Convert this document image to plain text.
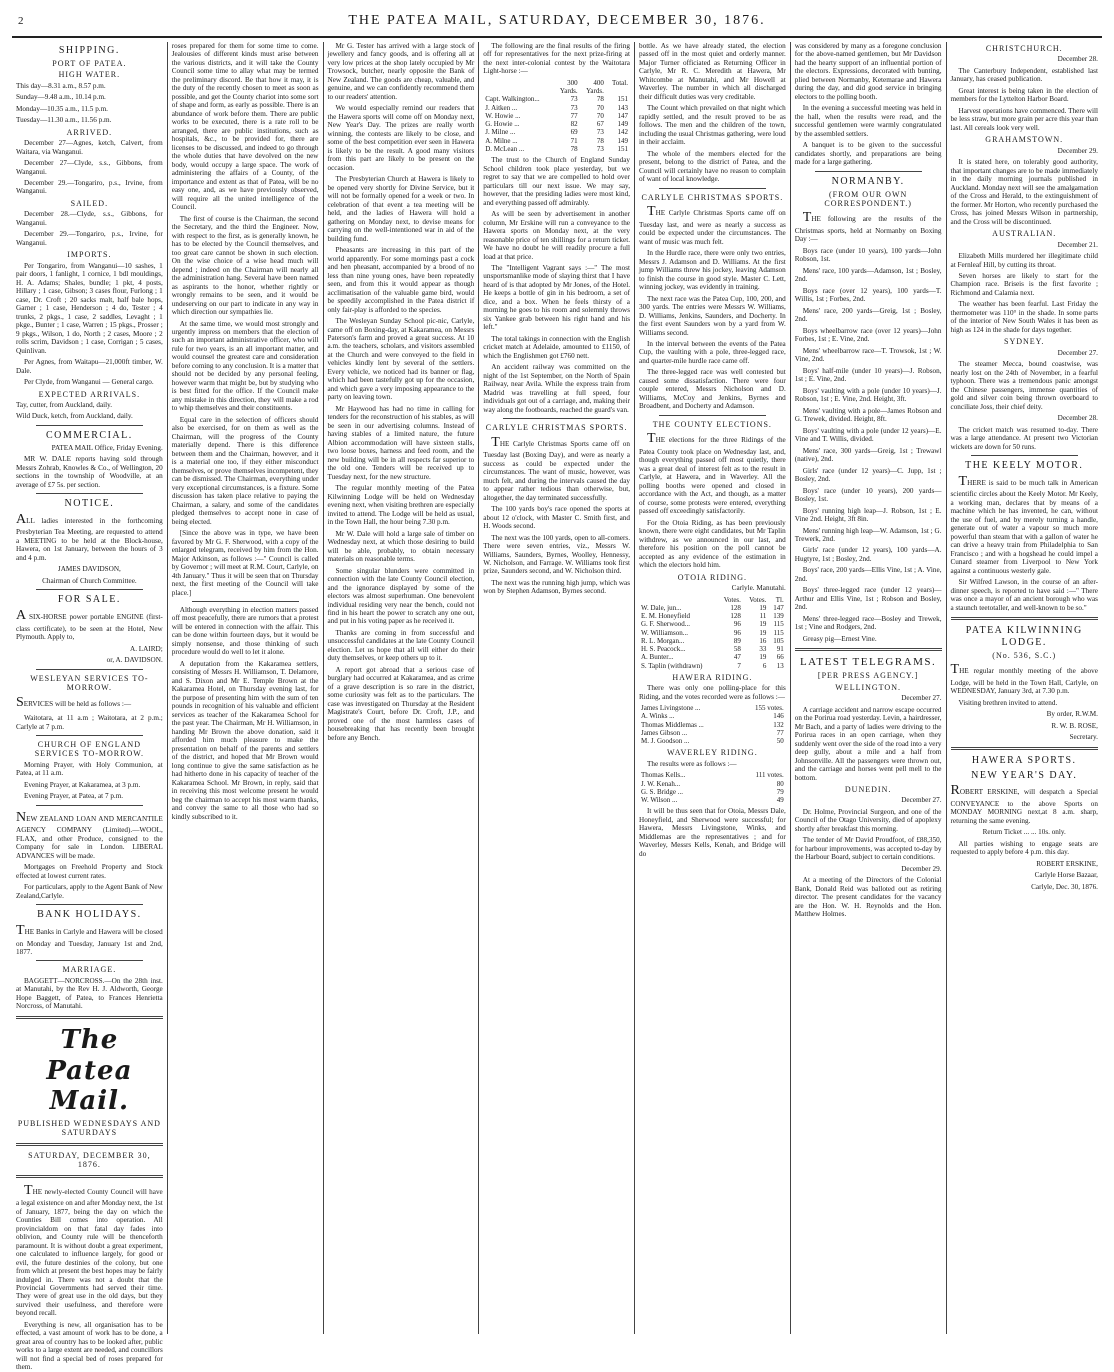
2	THE PATEA MAIL, SATURDAY, DECEMBER 30, 1876.
SHIPPING.
PORT OF PATEA.
HIGH WATER.

This day—8.31 a.m., 8.57 p.m.

Sunday—9.48 a.m., 10.14 p.m.

Monday—10.35 a.m., 11.5 p.m.

Tuesday—11.30 a.m., 11.56 p.m.

ARRIVED.

December 27—Agnes, ketch, Calvert, from Waitara, via Wanganui.

December 27—Clyde, s.s., Gibbons, from Wanganui.

December 29.—Tongariro, p.s., Irvine, from Wanganui.

SAILED.

December 28.—Clyde, s.s., Gibbons, for Wanganui.

December 29.—Tongariro, p.s., Irvine, for Wanganui.

IMPORTS.

Per Tongariro, from Wanganui—10 sashes, 1 pair doors, 1 fanlight, 1 cornice, 1 bdl mouldings, H. A. Adams; Shales, bundle; 1 pkt, 4 posts, Hillary ; 1 case, Gibson; 3 cases flour, Furlong ; 1 case, Dr. Croft ; 20 sacks malt, half bale hops, Garner ; 1 case, Henderson ; 4 do, Tester ; 4 trunks, 2 pkgs., 1 case, 2 saddles, Levaght ; 1 pkge., Bunter ; 1 case, Warren ; 15 pkgs., Prosser ; 9 pkgs., Wilson, 1 do, North ; 2 cases, Moore ; 2 rolls scrim, Davidson ; 1 case, Corrigan ; 5 cases, Quinlivan.

Per Agnes, from Waitapu—21,000ft timber, W. Dale.

Per Clyde, from Wanganui — General cargo.

EXPECTED ARRIVALS.

Tay, cutter, from Auckland, daily.

Wild Duck, ketch, from Auckland, daily.

COMMERCIAL.

PATEA MAIL Office, Friday Evening.

MR W. DALE reports having sold through Messrs Zohrab, Knowles & Co., of Wellington, 20 sections in the township of Woodville, at an average of £7 5s. per section.

NOTICE.

ALL ladies interested in the forthcoming Presbyterian Tea Meeting, are requested to attend a MEETING to be held at the Block-house, Hawera, on 1st January, between the hours of 3 and 4 p.m.

JAMES DAVIDSON,

Chairman of Church Committee.

FOR SALE.

A SIX-HORSE power portable ENGINE (first-class certificate), to be seen at the Hotel, New Plymouth. Apply to,

A. LAIRD;

or, A. DAVIDSON.

WESLEYAN SERVICES TO-MORROW.

SERVICES will be held as follows :—

Waitotara, at 11 a.m ; Waitotara, at 2 p.m.; Carlyle at 7 p.m.

CHURCH OF ENGLAND SERVICES TO-MORROW.

Morning Prayer, with Holy Communion, at Patea, at 11 a.m.

Evening Prayer, at Kakaramea, at 3 p.m.

Evening Prayer, at Patea, at 7 p.m.

NEW ZEALAND LOAN AND MERCANTILE AGENCY COMPANY (Limited).—WOOL, FLAX, and other Produce, consigned to the Company for sale in London. LIBERAL ADVANCES will be made.

Mortgages on Freehold Property and Stock effected at lowest current rates.

For particulars, apply to the Agent Bank of New Zealand,Carlyle.

BANK HOLIDAYS.

THE Banks in Carlyle and Hawera will be closed on Monday and Tuesday, January 1st and 2nd, 1877.

MARRIAGE.

BAGGETT—NORCROSS.—On the 28th inst. at Manutahi, by the Rev H. J. Aldworth, George Hope Baggett, of Patea, to Frances Henrietta Norcross, of Manutahi.

The Patea Mail.
PUBLISHED WEDNESDAYS AND SATURDAYS
SATURDAY, DECEMBER 30, 1876.

THE newly-elected County Council will have a legal existence on and after Monday next, the 1st of January, 1877, being the day on which the Counties Bill comes into operation. All provincialdom on that fatal day fades into oblivion, and County rule will be thenceforth paramount. It is without doubt a great experiment, one calculated to influence largely, for good or evil, the future destinies of the colony, but one from which at present the best hopes may be fairly indulged in. There was not a doubt that the Provincial Governments had served their time. They were of great use in the old days, but they survived their usefulness, and therefore were beyond recall.

Everything is new, all organisation has to be effected, a vast amount of work has to be done, a great area of country has to be looked after, public works to a large extent are needed, and councillors will not find a special bed of roses prepared for them.

roses prepared for them for some time to come. Jealousies of different kinds must arise between the various districts, and it will take the County Council some time to allay what may be termed the preliminary discord. Be that how it may, it is the duty of the recently chosen to meet as soon as possible, and get the County chariot into some sort of shape and form, as early as possible. There is an abundance of work before them. There are public works to be executed, there is a rate roll to be arranged, there are public institutions, such as hospitals, &c., to be provided for, there are licenses to be discussed, and indeed to go through the whole duties that have devolved on the new body, would occupy a large space. The work of administering the affairs of a County, of the importance and extent as that of Patea, will be no easy one, and, as we have previously observed, will require all the united intelligence of the Council.

The first of course is the Chairman, the second the Secretary, and the third the Engineer. Now, with respect to the first, as is generally known, he has to be elected by the Council themselves, and too great care cannot be shown in such election. On the wise choice of a wise head much will depend ; indeed on the Chairman will nearly all the administration hang. Several have been named as aspirants to the honor, whether rightly or wrongly remains to be seen, and it would be undeserving on our part to indicate in any way in which direction our sympathies lie.

At the same time, we would most strongly and urgently impress on members that the election of such an important administrative officer, who will rule for two years, is an all important matter, and would counsel the greatest care and consideration before coming to any conclusion. It is a matter that should not be decided by any personal feeling, however warm that might be, but by studying who is best fitted for the office. If the Council make any mistake in this direction, they will make a rod to whip themselves and their constituents.

Equal care in the selection of officers should also be exercised, for on them as well as the Chairman, will the progress of the County materially depend. There is this difference between them and the Chairman, however, and it is a material one too, if they either misconduct themselves, or prove themselves incompetent, they can be dismissed. The Chairman, everything under very exceptional circumstances, is a fixture. Some discussion has taken place relative to paying the Chairman, a salary, and some of the candidates pledged themselves to accept none in case of being elected.

[Since the above was in type, we have been favored by Mr G. F. Sherwood, with a copy of the enlarged telegram, received by him from the Hon. Major Atkinson, as follows :—" Council is called by Governor ; will meet at R.M. Court, Carlyle, on 4th January." Thus it will be seen that on Thursday next, the first meeting of the Council will take place.]

Although everything in election matters passed off most peacefully, there are rumors that a protest will be entered in connection with the affair. This can be done within fourteen days, but it would be simply nonsense, and those thinking of such procedure would do well to let it alone.

A deputation from the Kakaramea settlers, consisting of Messrs H. Williamson, T. Delamore, and S. Dixon and Mr E. Temple Brown at the Kakaramea Hotel, on Thursday evening last, for the purpose of presenting him with the sum of ten pounds in recognition of his valuable and efficient services as teacher of the Kakaramea School for the past year. The Chairman, Mr H. Williamson, in handing Mr Brown the above donation, said it afforded him much pleasure to make the presentation on behalf of the parents and settlers of the district, and hoped that Mr Brown would long continue to give the same satisfaction as he had hitherto done in his capacity of teacher of the Kakaramea School. Mr Brown, in reply, said that in receiving this most welcome present he would beg the chairman to accept his most warm thanks, and convey the same to all those who had so kindly subscribed to it.

Mr G. Tester has arrived with a large stock of jewellery and fancy goods, and is offering all at very low prices at the shop lately occupied by Mr Trowsock, butcher, nearly opposite the Bank of New Zealand. The goods are cheap, valuable, and genuine, and we can confidently recommend them to our readers' attention.

We would especially remind our readers that the Hawera sports will come off on Monday next, New Year's Day. The prizes are really worth winning, the contests are likely to be close, and some of the best competition ever seen in Hawera is likely to be the result. A good many visitors from this part are likely to be present on the occasion.

The Presbyterian Church at Hawera is likely to be opened very shortly for Divine Service, but it will not be formally opened for a week or two. In celebration of that event a tea meeting will be held, and the ladies of Hawera will hold a gathering on Monday next, to devise means for carrying on the well-intentioned war in aid of the building fund.

Pheasants are increasing in this part of the world apparently. For some mornings past a cock and hen pheasant, accompanied by a brood of no less than nine young ones, have been repeatedly seen, and from this it would appear as though acclimatisation of the valuable game bird, would be speedily accomplished in the Patea district if only fair-play is afforded to the species.

The Wesleyan Sunday School pic-nic, Carlyle, came off on Boxing-day, at Kakaramea, on Messrs Paterson's farm and proved a great success. At 10 a.m. the teachers, scholars, and visitors assembled at the Church and were conveyed to the field in vehicles kindly lent by several of the settlers. Every vehicle, we noticed had its banner or flag, which had been tastefully got up for the occasion, and which gave a very imposing appearance to the party on leaving town.

Mr Haywood has had no time in calling for tenders for the reconstruction of his stables, as will be seen in our advertising columns. Instead of having stables of a limited nature, the future Albion accommodation will have sixteen stalls, two loose boxes, harness and feed room, and the new building will be in all respects far superior to the old one. Tenders will be received up to Tuesday next, for the new structure.

The regular monthly meeting of the Patea Kilwinning Lodge will be held on Wednesday evening next, when visiting brethren are especially invited to attend. The Lodge will be held as usual, in the Town Hall, the hour being 7.30 p.m.

Mr W. Dale will hold a large sale of timber on Wednesday next, at which those desiring to build will be able, probably, to obtain necessary materials on reasonable terms.

Some singular blunders were committed in connection with the late County Council election, and the ignorance displayed by some of the electors was almost superhuman. One benevolent individual residing very near the bench, could not find in his heart the power to scratch any one out, and put in his voting paper as he received it.

Thanks are coming in from successful and unsuccessful candidates at the late County Council election. Let us hope that all will either do their duty themselves, or keep others up to it.

A report got abroad that a serious case of burglary had occurred at Kakaramea, and as crime of a grave description is so rare in the district, some curiosity was felt as to the particulars. The case was investigated on Thursday at the Resident Magistrate's Court, before Dr. Croft, J.P., and proved one of the most harmless cases of housebreaking that has recently been brought before any Bench.

The following are the final results of the firing off for representatives for the next prize-firing at the next inter-colonial contest by the Waitotara Light-horse :—

	300	400	Total.
	Yards.	Yards.	
Capt. Walkington...	73	78	151
J. Aitken ...	73	70	143
W. Howie ...	77	70	147
G. Howie ...	82	67	149
J. Milne ...	69	73	142
A. Milne ...	71	78	149
D. McLean ...	78	73	151

The trust to the Church of England Sunday School children took place yesterday, but we regret to say that we are compelled to hold over particulars till our next issue. We may say, however, that the presiding ladies were most kind, and everything passed off admirably.

As will be seen by advertisement in another column, Mr Erskine will run a conveyance to the Hawera sports on Monday next, at the very reasonable price of ten shillings for a return ticket. We have no doubt he will readily procure a full load at that price.

The "Intelligent Vagrant says :—" The most unsportsmanlike mode of slaying thirst that I have heard of is that adopted by Mr Jones, of the Hotel. He keeps a bottle of gin in his bedroom, a set of dice, and a box. When he feels thirsty of a morning he goes to his room and solemnly throws six Yankee grab between his right hand and his left."

The total takings in connection with the English cricket match at Adelaide, amounted to £1150, of which the Englishmen got £760 nett.

An accident railway was committed on the night of the 1st September, on the North of Spain Railway, near Avila. While the express train from Madrid was travelling at full speed, four individuals got out of a carriage, and, making their way along the footboards, reached the guard's van.

CARLYLE CHRISTMAS SPORTS.

THE Carlyle Christmas Sports came off on Tuesday last (Boxing Day), and were as nearly a success as could be expected under the circumstances. The want of music, however, was much felt, and during the intervals caused the day to appear rather tedious than otherwise, but, altogether, the day terminated successfully.

The 100 yards boy's race opened the sports at about 12 o'clock, with Master C. Smith first, and H. Woods second.

The next was the 100 yards, open to all-comers. There were seven entries, viz., Messrs W. Williams, Saunders, Byrnes, Woolley, Hennessy, W. Nicholson, and Farrage. W. Williams took first prize, Saunders second, and W. Nicholson third.

The next was the running high jump, which was won by Stephen Adamson, Byrnes second.

bottle. As we have already stated, the election passed off in the most quiet and orderly manner. Major Turner officiated as Returning Officer in Carlyle, Mr R. C. Meredith at Hawera, Mr Whitcombe at Manutahi, and Mr Howell at Waverley. The number in which all discharged their difficult duties was very creditable.

The Count which prevailed on that night which rapidly settled, and the result proved to be as follows. The men and the children of the town, including the usual Christmas gathering, were loud in their acclaim.

The whole of the members elected for the present, belong to the district of Patea, and the Council will certainly have no reason to complain of want of local knowledge.

CARLYLE CHRISTMAS SPORTS.

THE Carlyle Christmas Sports came off on Tuesday last, and were as nearly a success as could be expected under the circumstances. The want of music was much felt.

In the Hurdle race, there were only two entries, Messrs J. Adamson and D. Williams. At the first jump Williams threw his jockey, leaving Adamson to finish the course in good style. Master C. Lett, winning jockey, was evidently in training.

The next race was the Patea Cup, 100, 200, and 300 yards. The entries were Messrs W. Williams, D. Williams, Jenkins, Saunders, and Docherty. In the first event Saunders won by a yard from W. Williams second.

In the interval between the events of the Patea Cup, the vaulting with a pole, three-legged race, and quarter-mile hurdle race came off.

The three-legged race was well contested but caused some dissatisfaction. There were four couple entered, Messrs Nicholson and D. Williams, McCoy and Jenkins, Byrnes and Broadbent, and Docherty and Adamson.

THE COUNTY ELECTIONS.

THE elections for the three Ridings of the Patea County took place on Wednesday last, and, though everything passed off most quietly, there was a great deal of interest felt as to the result in Carlyle, at Hawera, and in Waverley. All the polling booths were opened and closed in accordance with the Act, and though, as a matter of course, some protests were entered, everything passed off exceedingly satisfactorily.

For the Otoia Riding, as has been previously known, there were eight candidates, but Mr Taplin withdrew, as we announced in our last, and therefore his position on the poll cannot be accepted as any evidence of the estimation in which the electors hold him.

OTOIA RIDING.

Carlyle. Manutahi.

	Votes.	Votes.	Tl.
W. Dale, jun...	128	19	147
E. M. Honeyfield	128	11	139
G. F. Sherwood...	96	19	115
W. Williamson...	96	19	115
R. L. Morgan...	89	16	105
H. S. Peacock...	58	33	91
A. Bunter...	47	19	66
S. Taplin (withdrawn)	7	6	13
HAWERA RIDING.

There was only one polling-place for this Riding, and the votes recorded were as follows :—

James Livingstone ...	155 votes.
A. Winks ...	146
Thomas Middlemas ...	132
James Gibson ...	77
M. J. Goodson ...	50
WAVERLEY RIDING.

The results were as follows :—

Thomas Kells...	111 votes.
J. W. Kenah...	80
G. S. Bridge ...	79
W. Wilson ...	49

It will be thus seen that for Otoia, Messrs Dale, Honeyfield, and Sherwood were successful; for Hawera, Messrs Livingstone, Winks, and Middlemas are the representatives ; and for Waverley, Messrs Kells, Kenah, and Bridge will do

was considered by many as a foregone conclusion for the above-named gentlemen, but Mr Davidson had the hearty support of an influential portion of the electors. Expressions, decorated with bunting, plied between Normanby, Ketemarae and Hawera during the day, and did good service in bringing electors to the polling booth.

In the evening a successful meeting was held in the hall, when the results were read, and the successful gentlemen were warmly congratulated by the assembled settlers.

A banquet is to be given to the successful candidates shortly, and preparations are being made for a large gathering.

NORMANBY.
(FROM OUR OWN CORRESPONDENT.)

THE following are the results of the Christmas sports, held at Normanby on Boxing Day :—

Boys race (under 10 years), 100 yards—John Robson, 1st.

Mens' race, 100 yards—Adamson, 1st ; Bosley, 2nd.

Boys race (over 12 years), 100 yards—T. Willis, 1st ; Forbes, 2nd.

Mens' race, 200 yards—Greig, 1st ; Bosley, 2nd.

Boys wheelbarrow race (over 12 years)—John Forbes, 1st ; E. Vine, 2nd.

Mens' wheelbarrow race—T. Trowsok, 1st ; W. Vine, 2nd.

Boys' half-mile (under 10 years)—J. Robson, 1st ; E. Vine, 2nd.

Boys' vaulting with a pole (under 10 years)—J. Robson, 1st ; E. Vine, 2nd. Height, 3ft.

Mens' vaulting with a pole—James Robson and G. Trewek, divided. Height, 8ft.

Boys' vaulting with a pole (under 12 years)—E. Vine and T. Willis, divided.

Mens' race, 300 yards—Greig, 1st ; Trewawl (native), 2nd.

Girls' race (under 12 years)—C. Jupp, 1st ; Bosley, 2nd.

Boys' race (under 10 years), 200 yards—Bosley, 1st.

Boys' running high leap—J. Robson, 1st ; E. Vine 2nd. Height, 3ft 8in.

Mens' running high leap—W. Adamson, 1st ; G. Trewerk, 2nd.

Girls' race (under 12 years), 100 yards—A. Hugtyre, 1st ; Bosley, 2nd.

Boys' race, 200 yards—Ellis Vine, 1st ; A. Vine, 2nd.

Boys' three-legged race (under 12 years)—Arthur and Ellis Vine, 1st ; Robson and Bosley, 2nd.

Mens' three-legged race—Bosley and Trewek, 1st ; Vine and Rodgers, 2nd.

Greasy pig—Ernest Vine.

LATEST TELEGRAMS.
[PER PRESS AGENCY.]
WELLINGTON.

December 27.

A carriage accident and narrow escape occurred on the Porirua road yesterday. Levin, a hairdresser, Mr Bach, and a party of ladies were driving to the Porirua races in an open carriage, when they suddenly went over the side of the road into a very deep gully, about a mile and a half from Johnsonville. All the passengers were thrown out, and the carriage and horses went pell mell to the bottom.

DUNEDIN.

December 27.

Dr. Holme, Provincial Surgeon, and one of the Council of the Otago University, died of apoplexy shortly after breakfast this morning.

The tender of Mr David Proudfoot, of £88,350, for harbour improvements, was accepted to-day by the Harbour Board, subject to certain conditions.

December 29.

At a meeting of the Directors of the Colonial Bank, Donald Reid was balloted out as retiring director. The present candidates for the vacancy are the Hon. W. H. Reynolds and the Hon. Matthew Holmes.

CHRISTCHURCH.

December 28.

The Canterbury Independent, established last January, has ceased publication.

Great interest is being taken in the election of members for the Lyttelton Harbor Board.

Harvest operations have commenced. There will be less straw, but more grain per acre this year than last. All cereals look very well.

GRAHAMSTOWN.

December 29.

It is stated here, on tolerably good authority, that important changes are to be made immediately in the daily morning journals published in Auckland. Monday next will see the amalgamation of the Cross and Herald, to the extinguishment of the former. Mr Horton, who recently purchased the Cross, has joined Messrs Wilson in partnership, and the Cross will be discontinued.

AUSTRALIAN.

December 21.

Elizabeth Mills murdered her illegitimate child at Fernleaf Hill, by cutting its throat.

Seven horses are likely to start for the Champion race. Briseis is the first favorite ; Richmond and Calamia next.

The weather has been fearful. Last Friday the thermometer was 110° in the shade. In some parts of the interior of New South Wales it has been as high as 124 in the shade for days together.

SYDNEY.

December 27.

The steamer Mecca, bound coastwise, was nearly lost on the 24th of November, in a fearful typhoon. There was a tremendous panic amongst the Chinese passengers, immense quantities of gold and silver coin being thrown overboard to conciliate Joss, their chief deity.

December 28.

The cricket match was resumed to-day. There was a large attendance. At present two Victorian wickets are down for 50 runs.

THE KEELY MOTOR.

THERE is said to be much talk in American scientific circles about the Keely Motor. Mr Keely, a working man, declares that by means of a machine which he has invented, he can, without the use of fuel, and by merely turning a handle, generate out of water a vapour so much more powerful than steam that with a gallon of water he can drive a heavy train from Philadelphia to San Francisco ; and with a hogshead he could impel a Cunard steamer from Liverpool to New York against a continuous westerly gale.

Sir Wilfred Lawson, in the course of an after-dinner speech, is reported to have said :—" There was once a mayor of an ancient borough who was a staunch teetotaller, and well-known to be so."

PATEA KILWINNING LODGE.
(No. 536, S.C.)

THE regular monthly meeting of the above Lodge, will be held in the Town Hall, Carlyle, on WEDNESDAY, January 3rd, at 7.30 p.m.

Visiting brethren invited to attend.

By order, R.W.M.

R. W. B. ROSE,

Secretary.

HAWERA SPORTS.
NEW YEAR'S DAY.

ROBERT ERSKINE, will despatch a Special CONVEYANCE to the above Sports on MONDAY MORNING next,at 8 a.m. sharp, returning the same evening.

Return Ticket ... ... 10s. only.

All parties wishing to engage seats are requested to apply before 4 p.m. this day.

ROBERT ERSKINE,

Carlyle Horse Bazaar,

Carlyle, Dec. 30, 1876.
